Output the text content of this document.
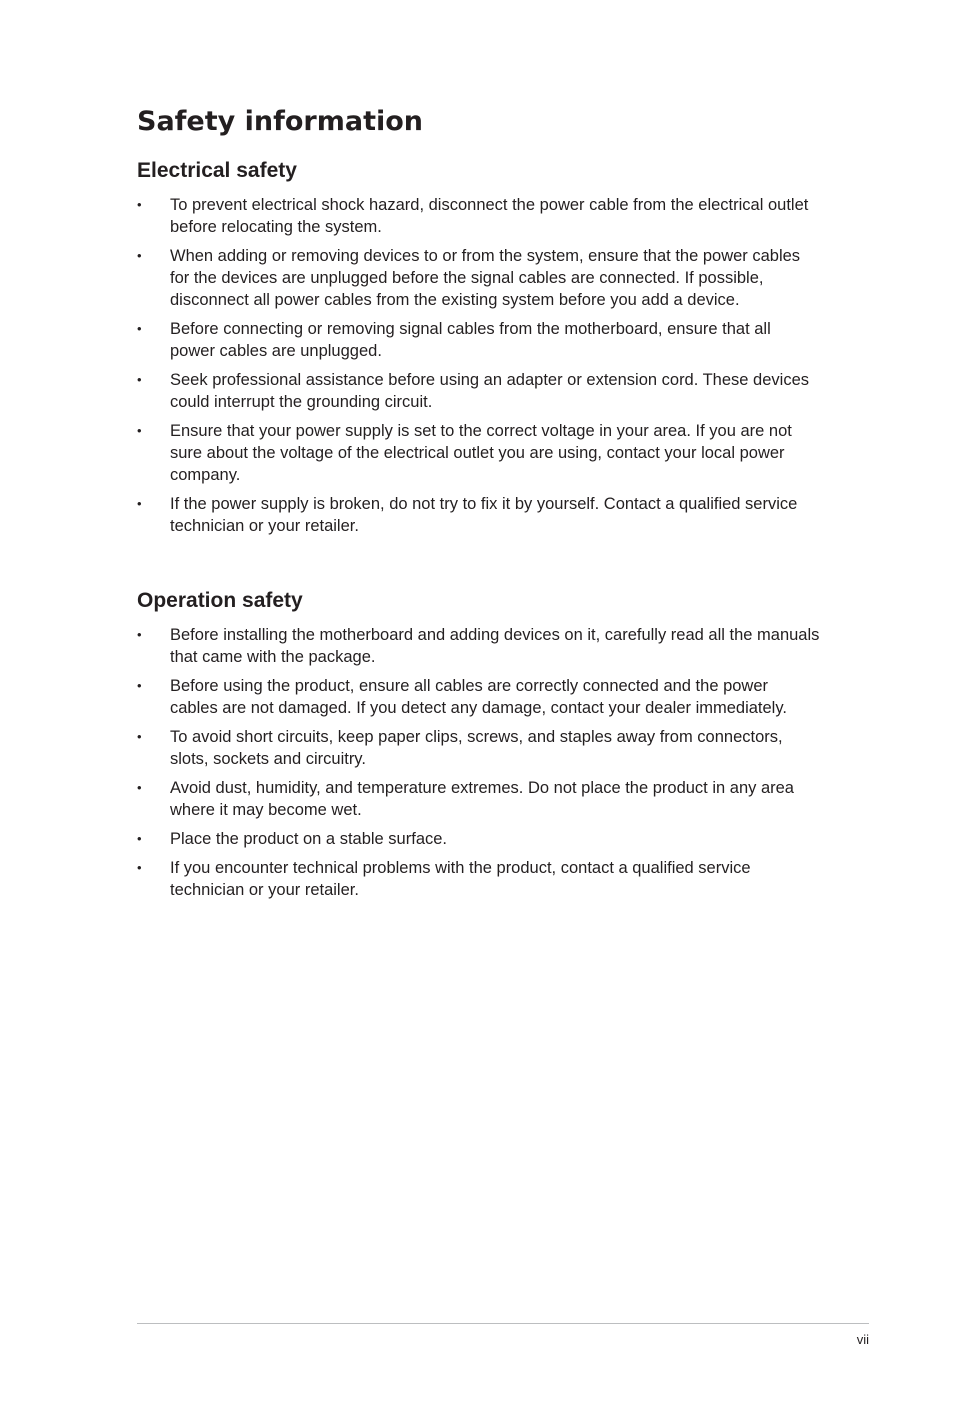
Safety information
Electrical safety
• To prevent electrical shock hazard, disconnect the power cable from the electrical outlet before relocating the system.
• When adding or removing devices to or from the system, ensure that the power cables for the devices are unplugged before the signal cables are connected. If possible, disconnect all power cables from the existing system before you add a device.
• Before connecting or removing signal cables from the motherboard, ensure that all power cables are unplugged.
• Seek professional assistance before using an adapter or extension cord. These devices could interrupt the grounding circuit.
• Ensure that your power supply is set to the correct voltage in your area. If you are not sure about the voltage of the electrical outlet you are using, contact your local power company.
• If the power supply is broken, do not try to fix it by yourself. Contact a qualified service technician or your retailer.
Operation safety
• Before installing the motherboard and adding devices on it, carefully read all the manuals that came with the package.
• Before using the product, ensure all cables are correctly connected and the power cables are not damaged. If you detect any damage, contact your dealer immediately.
• To avoid short circuits, keep paper clips, screws, and staples away from connectors, slots, sockets and circuitry.
• Avoid dust, humidity, and temperature extremes. Do not place the product in any area where it may become wet.
• Place the product on a stable surface.
• If you encounter technical problems with the product, contact a qualified service technician or your retailer.
vii
